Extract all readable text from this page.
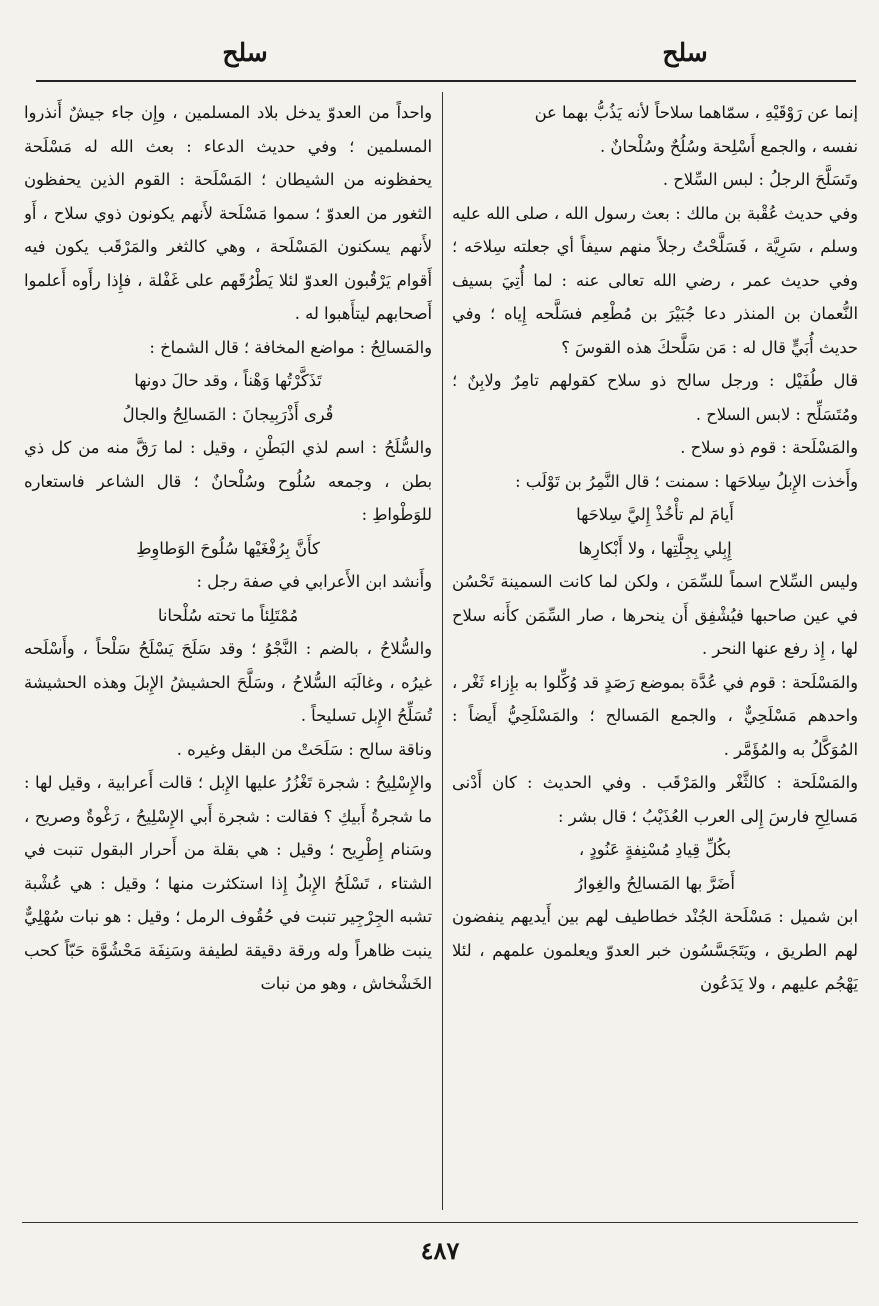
سلح
سلح

إنما عن رَوْقَيْهِ ، سمّاهما سلاحاً لأنه يَذُبُّ بهما عن

نفسه ، والجمع أَسْلِحة وسُلُحٌ وسُلْحانٌ .

وتَسَلَّحَ الرجلُ : لبس السِّلاح .

وفي حديث عُقْبة بن مالك : بعث رسول الله ، صلى الله عليه وسلم ، سَرِيَّة ، فَسَلَّحْتُ رجلاً منهم سيفاً أي جعلته سِلاحَه ؛ وفي حديث عمر ، رضي الله تعالى عنه : لما أُتِيَ بسيف النُّعمان بن المنذر دعا جُبَيْرَ بن مُطْعِم فسَلَّحه إِياه ؛ وفي حديث أُبَيٍّ قال له : مَن سَلَّحكَ هذه القوسَ ؟

قال طُفَيْل : ورجل سالح ذو سلاح كقولهم تامِرٌ ولابِنٌ ؛ ومُتَسَلِّح : لابس السلاح .

والمَسْلَحة : قوم ذو سلاح .

وأَخذت الإِبلُ سِلاحَها : سمنت ؛ قال النَّمِرُ بن تَوْلَب :

أَيامَ لم تأْخُذْ إِليَّ سِلاحَها

إِبِلي بِجِلَّتِها ، ولا أَبْكارِها

وليس السِّلاح اسماً للسِّمَن ، ولكن لما كانت السمينة تَحْسُن في عين صاحبها فيُشْفِق أَن ينحرها ، صار السِّمَن كأَنه سلاح لها ، إِذ رفع عنها النحر .

والمَسْلَحة : قوم في عُدَّة بموضع رَصَدٍ قد وُكِّلوا به بإِزاء ثَغْر ، واحدهم مَسْلَحِيٌّ ، والجمع المَسالح ؛ والمَسْلَحِيُّ أَيضاً : المُوَكَّلُ به والمُؤَمَّر .

والمَسْلَحة : كالثَّغْر والمَرْقَب . وفي الحديث : كان أَدْنى مَسالِحِ فارسَ إِلى العرب العُذَيْبُ ؛ قال بشر :

بكُلِّ قِيادِ مُسْنِفةٍ عَنُودٍ ،

أَضَرَّ بها المَسالِحُ والغِوارُ

ابن شميل : مَسْلَحة الجُنْد خطاطيف لهم بين أَيديهم ينفضون لهم الطريق ، ويَتَجَسَّسُون خبر العدوّ ويعلمون علمهم ، لئلا يَهْجُم عليهم ، ولا يَدَعُون

واحداً من العدوّ يدخل بلاد المسلمين ، وإِن جاء جيشٌ أَنذروا المسلمين ؛ وفي حديث الدعاء : بعث الله له مَسْلَحة يحفظونه من الشيطان ؛ المَسْلَحة : القوم الذين يحفظون الثغور من العدوّ ؛ سموا مَسْلَحة لأَنهم يكونون ذوي سلاح ، أَو لأَنهم يسكنون المَسْلَحة ، وهي كالثغر والمَرْقَب يكون فيه أَقوام يَرْقُبون العدوّ لئلا يَطْرُقَهم على غَفْلة ، فإِذا رأَوه أَعلموا أَصحابهم ليتأَهبوا له .

والمَسالِحُ : مواضع المخافة ؛ قال الشماخ :

تَذَكَّرْتُها وَهْناً ، وقد حالَ دونها

قُرى أَذْرَبِيجانَ : المَسالِحُ والجالُ

والسُّلَحُ : اسم لذي البَطْنِ ، وقيل : لما رَقَّ منه من كل ذي بطن ، وجمعه سُلُوح وسُلْحانٌ ؛ قال الشاعر فاستعاره للوَطْواطِ :

كأَنَّ بِرُفْغَيْها سُلُوحَ الوَطاوِطِ

وأَنشد ابن الأَعرابي في صفة رجل :

مُمْتَلِئاً ما تحته سُلْحانا

والسُّلاحُ ، بالضم : النَّجْوُ ؛ وقد سَلَحَ يَسْلَحُ سَلْحاً ، وأَسْلَحه غيرُه ، وغالَبَه السُّلاحُ ، وسَلَّحَ الحشيشُ الإِبلَ وهذه الحشيشة تُسَلِّحُ الإِبل تسليحاً .

وناقة سالح : سَلَحَتْ من البقل وغيره .

والإِسْلِيحُ : شجرة تَغْزُرُ عليها الإِبل ؛ قالت أَعرابية ، وقيل لها : ما شجرةُ أَبيكِ ؟ فقالت : شجرة أَبي الإِسْلِيحُ ، رَغْوةٌ وصريح ، وسَنام إِطْرِيح ؛ وقيل : هي بقلة من أَحرار البقول تنبت في الشتاء ، تَسْلَحُ الإِبلُ إِذا استكثرت منها ؛ وقيل : هي عُشْبة تشبه الجِرْجِير تنبت في حُقُوف الرمل ؛ وقيل : هو نبات سُهْلِيٌّ ينبت ظاهراً وله ورقة دقيقة لطيفة وسَنِفَة مَحْشُوَّة حَبّاً كحب الخَشْخاش ، وهو من نبات

٤٨٧
